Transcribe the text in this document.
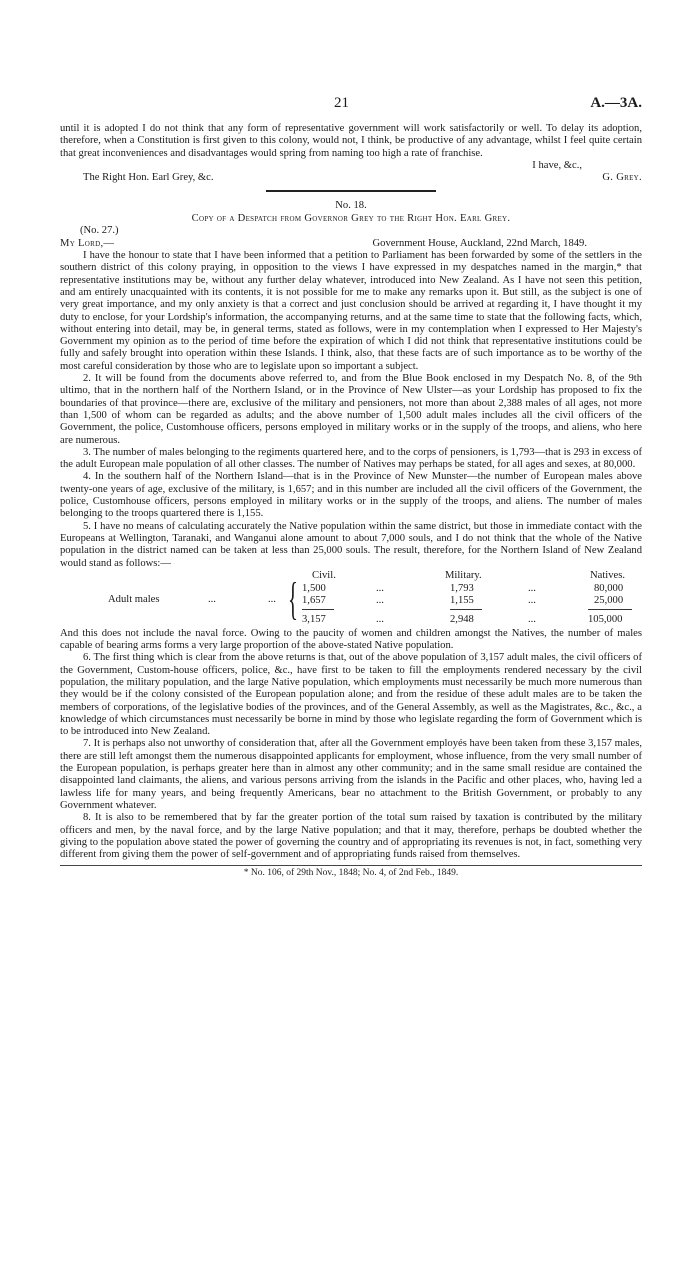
21	A.—3A.

until it is adopted I do not think that any form of representative government will work satisfactorily or well. To delay its adoption, therefore, when a Constitution is first given to this colony, would not, I think, be productive of any advantage, whilst I feel quite certain that great inconveniences and disadvantages would spring from naming too high a rate of franchise.

I have, &c.,
The Right Hon. Earl Grey, &c.	G. Grey.
No. 18.
Copy of a Despatch from Governor Grey to the Right Hon. Earl Grey.
(No. 27.)
My Lord,—	Government House, Auckland, 22nd March, 1849.

I have the honour to state that I have been informed that a petition to Parliament has been forwarded by some of the settlers in the southern district of this colony praying, in opposition to the views I have expressed in my despatches named in the margin,* that representative institutions may be, without any further delay whatever, introduced into New Zealand. As I have not seen this petition, and am entirely unacquainted with its contents, it is not possible for me to make any remarks upon it. But still, as the subject is one of very great importance, and my only anxiety is that a correct and just conclusion should be arrived at regarding it, I have thought it my duty to enclose, for your Lordship's information, the accompanying returns, and at the same time to state that the following facts, which, without entering into detail, may be, in general terms, stated as follows, were in my contemplation when I expressed to Her Majesty's Government my opinion as to the period of time before the expiration of which I did not think that representative institutions could be fully and safely brought into operation within these Islands. I think, also, that these facts are of such importance as to be worthy of the most careful consideration by those who are to legislate upon so important a subject.

2. It will be found from the documents above referred to, and from the Blue Book enclosed in my Despatch No. 8, of the 9th ultimo, that in the northern half of the Northern Island, or in the Province of New Ulster—as your Lordship has proposed to fix the boundaries of that province—there are, exclusive of the military and pensioners, not more than about 2,388 males of all ages, not more than 1,500 of whom can be regarded as adults; and the above number of 1,500 adult males includes all the civil officers of the Government, the police, Customhouse officers, persons employed in military works or in the supply of the troops, and aliens, who here are numerous.

3. The number of males belonging to the regiments quartered here, and to the corps of pensioners, is 1,793—that is 293 in excess of the adult European male population of all other classes. The number of Natives may perhaps be stated, for all ages and sexes, at 80,000.

4. In the southern half of the Northern Island—that is in the Province of New Munster—the number of European males above twenty-one years of age, exclusive of the military, is 1,657; and in this number are included all the civil officers of the Government, the police, Customhouse officers, persons employed in military works or in the supply of the troops, and aliens. The number of males belonging to the troops quartered there is 1,155.

5. I have no means of calculating accurately the Native population within the same district, but those in immediate contact with the Europeans at Wellington, Taranaki, and Wanganui alone amount to about 7,000 souls, and I do not think that the whole of the Native population in the district named can be taken at less than 25,000 souls. The result, therefore, for the Northern Island of New Zealand would stand as follows:—

Civil.	Military.	Natives.
Adult males	...	... { 1,500	...	1,793	...	80,000
1,657	...	1,155	...	25,000
3,157	...	2,948	...	105,000

And this does not include the naval force. Owing to the paucity of women and children amongst the Natives, the number of males capable of bearing arms forms a very large proportion of the above-stated Native population.

6. The first thing which is clear from the above returns is that, out of the above population of 3,157 adult males, the civil officers of the Government, Custom-house officers, police, &c., have first to be taken to fill the employments rendered necessary by the civil population, the military population, and the large Native population, which employments must necessarily be much more numerous than they would be if the colony consisted of the European population alone; and from the residue of these adult males are to be taken the members of corporations, of the legislative bodies of the provinces, and of the General Assembly, as well as the Magistrates, &c., &c., a knowledge of which circumstances must necessarily be borne in mind by those who legislate regarding the form of Government which is to be introduced into New Zealand.

7. It is perhaps also not unworthy of consideration that, after all the Government employés have been taken from these 3,157 males, there are still left amongst them the numerous disappointed applicants for employment, whose influence, from the very small number of the European population, is perhaps greater here than in almost any other community; and in the same small residue are contained the disappointed land claimants, the aliens, and various persons arriving from the islands in the Pacific and other places, who, having led a lawless life for many years, and being frequently Americans, bear no attachment to the British Government, or probably to any Government whatever.

8. It is also to be remembered that by far the greater portion of the total sum raised by taxation is contributed by the military officers and men, by the naval force, and by the large Native population; and that it may, therefore, perhaps be doubted whether the giving to the population above stated the power of governing the country and of appropriating its revenues is not, in fact, something very different from giving them the power of self-government and of appropriating funds raised from themselves.

* No. 106, of 29th Nov., 1848; No. 4, of 2nd Feb., 1849.
